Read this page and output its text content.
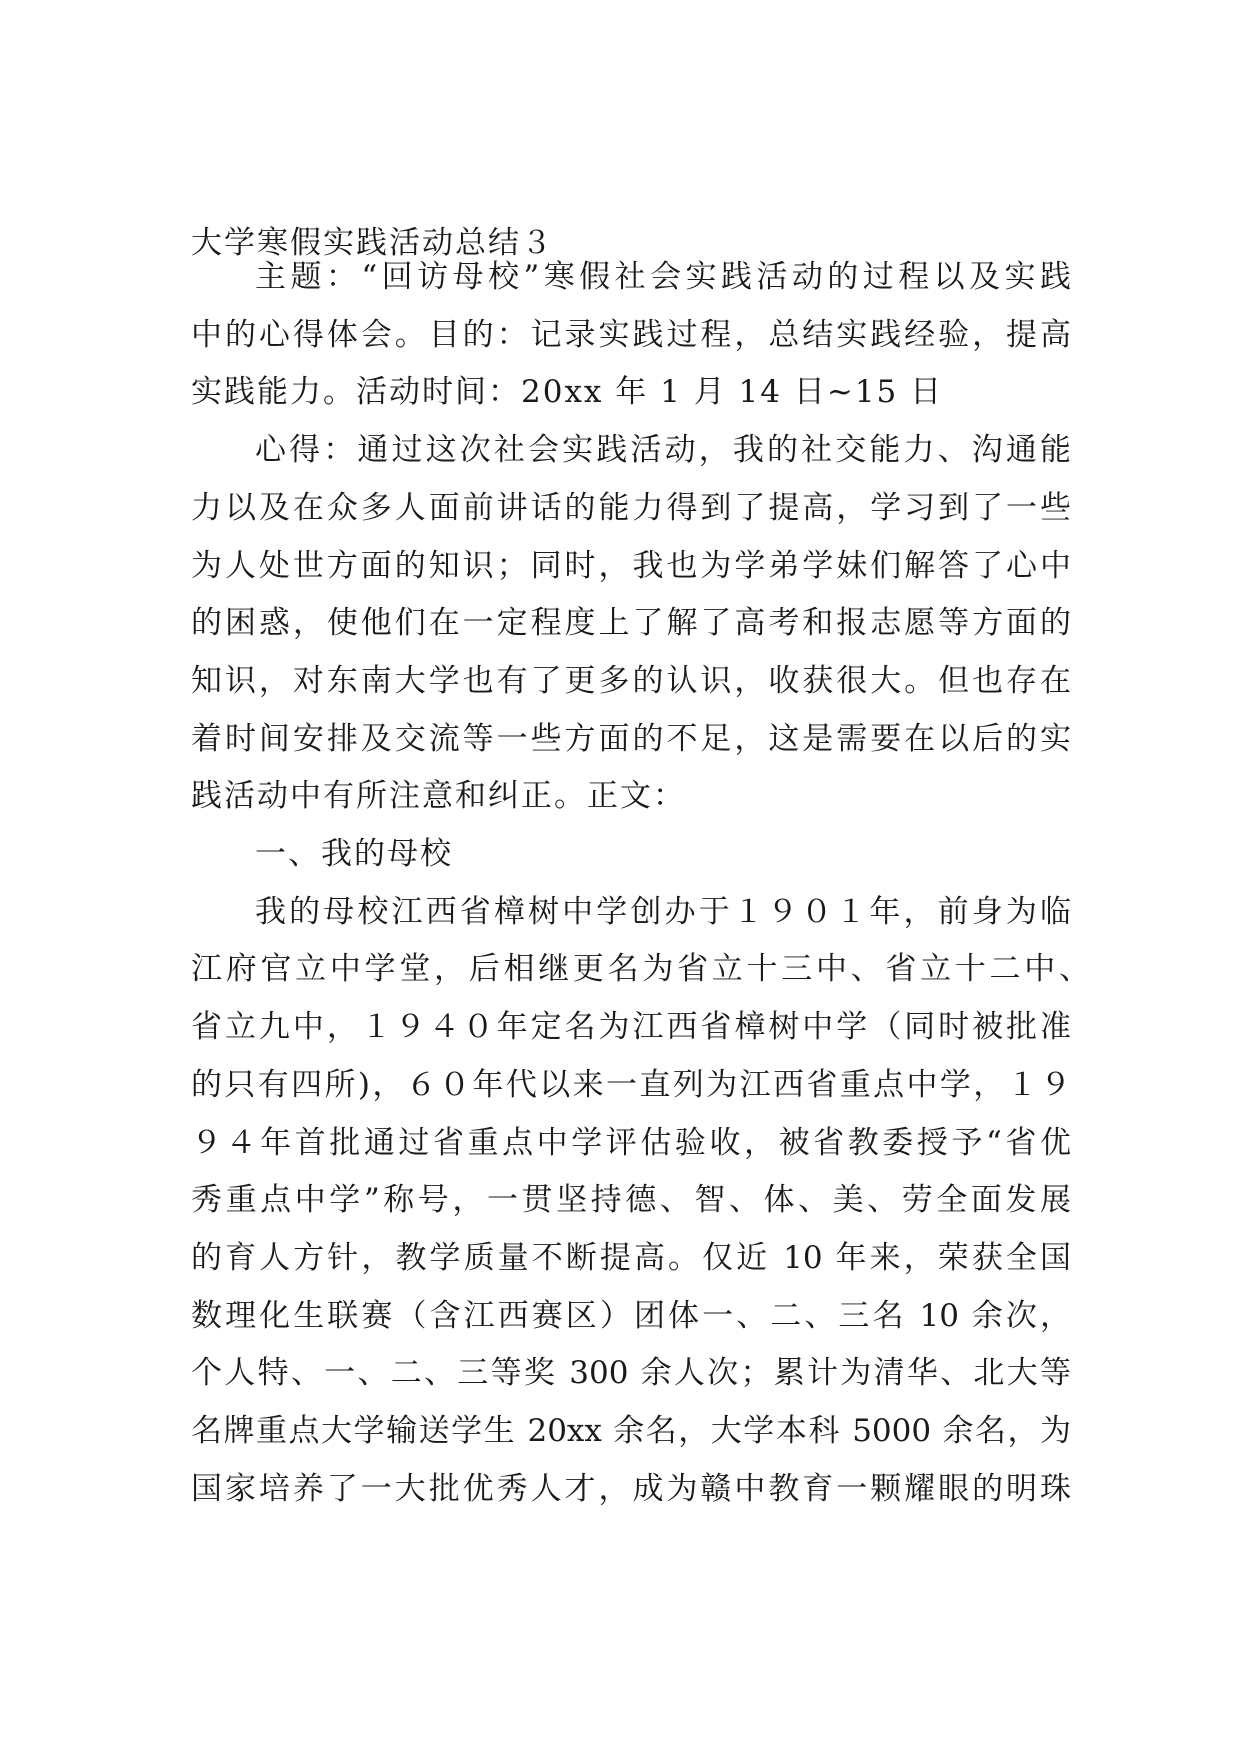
大学寒假实践活动总结３
主题：“回访母校”寒假社会实践活动的过程以及实践
中的心得体会。目的：记录实践过程，总结实践经验，提高
实践能力。活动时间：20xx 年 1 月 14 日~15 日
心得：通过这次社会实践活动，我的社交能力、沟通能
力以及在众多人面前讲话的能力得到了提高，学习到了一些
为人处世方面的知识；同时，我也为学弟学妹们解答了心中
的困惑，使他们在一定程度上了解了高考和报志愿等方面的
知识，对东南大学也有了更多的认识，收获很大。但也存在
着时间安排及交流等一些方面的不足，这是需要在以后的实
践活动中有所注意和纠正。正文：
一、我的母校
我的母校江西省樟树中学创办于１９０１年，前身为临
江府官立中学堂，后相继更名为省立十三中、省立十二中、
省立九中，１９４０年定名为江西省樟树中学（同时被批准
的只有四所)，６０年代以来一直列为江西省重点中学，１９
９４年首批通过省重点中学评估验收，被省教委授予“省优
秀重点中学”称号，一贯坚持德、智、体、美、劳全面发展
的育人方针，教学质量不断提高。仅近 10 年来，荣获全国
数理化生联赛（含江西赛区）团体一、二、三名 10 余次，
个人特、一、二、三等奖 300 余人次；累计为清华、北大等
名牌重点大学输送学生 20xx 余名，大学本科 5000 余名，为
国家培养了一大批优秀人才，成为赣中教育一颗耀眼的明珠
